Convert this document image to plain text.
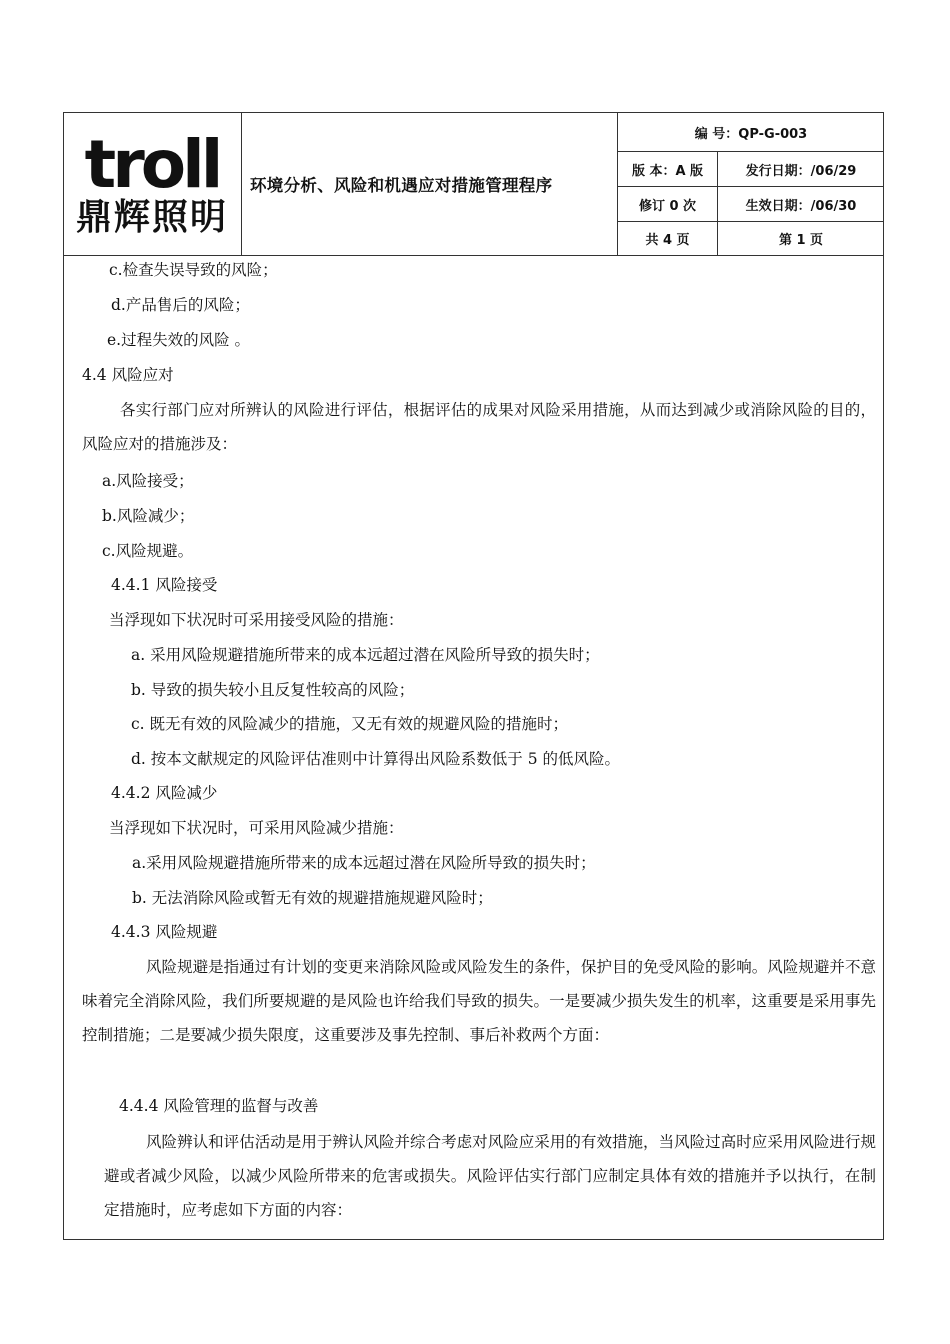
troll
鼎辉照明
环境分析、风险和机遇应对措施管理程序
编 号：QP-G-003
版 本：A 版	发行日期：/06/29
修订 0 次	生效日期：/06/30
共 4 页	第 1 页
c.检查失误导致的风险；
d.产品售后的风险；
e.过程失效的风险 。
4.4 风险应对
各实行部门应对所辨认的风险进行评估，根据评估的成果对风险采用措施，从而达到减少或消除风险的目的，风险应对的措施涉及：
a.风险接受；
b.风险减少；
c.风险规避。
4.4.1 风险接受
当浮现如下状况时可采用接受风险的措施：
a. 采用风险规避措施所带来的成本远超过潜在风险所导致的损失时；
b. 导致的损失较小且反复性较高的风险；
c. 既无有效的风险减少的措施，又无有效的规避风险的措施时；
d. 按本文献规定的风险评估准则中计算得出风险系数低于 5 的低风险。
4.4.2 风险减少
当浮现如下状况时，可采用风险减少措施：
a.采用风险规避措施所带来的成本远超过潜在风险所导致的损失时；
b. 无法消除风险或暂无有效的规避措施规避风险时；
4.4.3 风险规避
风险规避是指通过有计划的变更来消除风险或风险发生的条件，保护目的免受风险的影响。风险规避并不意味着完全消除风险，我们所要规避的是风险也许给我们导致的损失。一是要减少损失发生的机率，这重要是采用事先控制措施；二是要减少损失限度，这重要涉及事先控制、事后补救两个方面：
4.4.4 风险管理的监督与改善
风险辨认和评估活动是用于辨认风险并综合考虑对风险应采用的有效措施，当风险过高时应采用风险进行规避或者减少风险，以减少风险所带来的危害或损失。风险评估实行部门应制定具体有效的措施并予以执行，在制定措施时，应考虑如下方面的内容：
